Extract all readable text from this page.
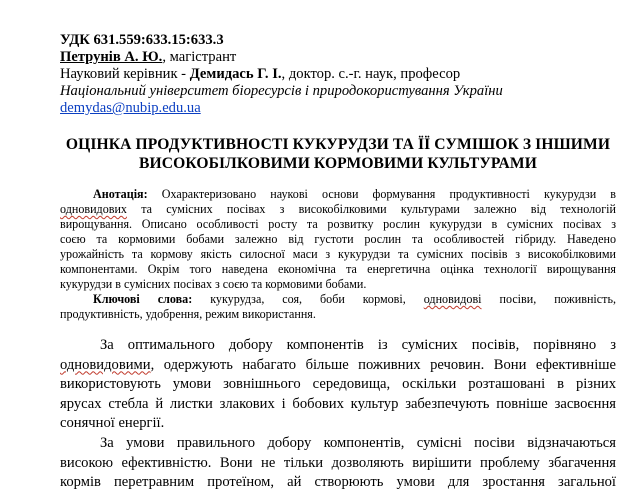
УДК 631.559:633.15:633.3
Петрунів А. Ю., магістрант
Науковий керівник - Демидась Г. І., доктор. с.-г. наук, професор
Національний університет біоресурсів і природокористування України
demydas@nubip.edu.ua
ОЦІНКА ПРОДУКТИВНОСТІ КУКУРУДЗИ ТА ЇЇ СУМІШОК З ІНШИМИ
ВИСОКОБІЛКОВИМИ КОРМОВИМИ КУЛЬТУРАМИ
Анотація: Охарактеризовано наукові основи формування продуктивності кукурудзи в
одновидових та сумісних посівах з високобілковими культурами залежно від технологій
вирощування. Описано особливості росту та розвитку рослин кукурудзи в сумісних посівах з
соєю та кормовими бобами залежно від густоти рослин та особливостей гібриду. Наведено
урожайність та кормову якість силосної маси з кукурудзи та сумісних посівів з високобілковими
компонентами. Окрім того наведена економічна та енергетична оцінка технології вирощування
кукурудзи в сумісних посівах з соєю та кормовими бобами.
Ключові слова: кукурудза, соя, боби кормові, одновидові посіви, поживність,
продуктивність, удобрення, режим використання.
За оптимального добору компонентів із сумісних посівів, порівняно з
одновидовими, одержують набагато більше поживних речовин. Вони ефективніше
використовують умови зовнішнього середовища, оскільки розташовані в різних
ярусах стебла й листки злакових і бобових культур забезпечують повніше засвоєння
сонячної енергії.
За умови правильного добору компонентів, сумісні посіви відзначаються
високою ефективністю. Вони не тільки дозволяють вирішити проблему збагачення
кормів перетравним протеїном, ай створюють умови для зростання загальної
